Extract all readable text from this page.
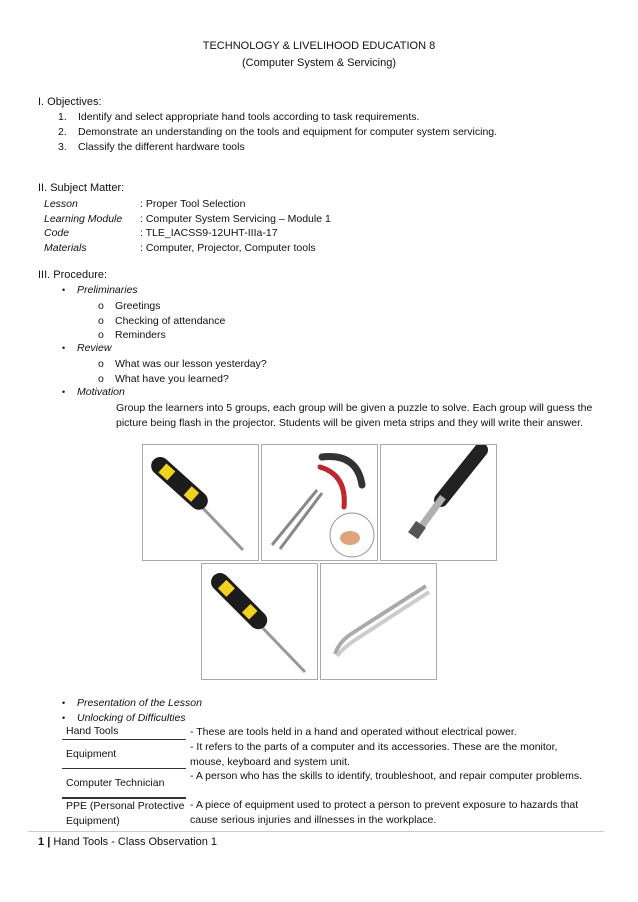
TECHNOLOGY & LIVELIHOOD EDUCATION 8
(Computer System & Servicing)
I. Objectives:
1. Identify and select appropriate hand tools according to task requirements.
2. Demonstrate an understanding on the tools and equipment for computer system servicing.
3. Classify the different hardware tools
II. Subject Matter:
Lesson	: Proper Tool Selection
Learning Module	: Computer System Servicing – Module 1
Code	: TLE_IACSS9-12UHT-IIIa-17
Materials	: Computer, Projector, Computer tools
III. Procedure:
• Preliminaries
o Greetings
o Checking of attendance
o Reminders
• Review
o What was our lesson yesterday?
o What have you learned?
• Motivation
Group the learners into 5 groups, each group will be given a puzzle to solve. Each group will guess the picture being flash in the projector. Students will be given meta strips and they will write their answer.
• Presentation of the Lesson
• Unlocking of Difficulties
Hand Tools	- These are tools held in a hand and operated without electrical power.
Equipment
- It refers to the parts of a computer and its accessories. These are the monitor, mouse, keyboard and system unit.
Computer Technician
- A person who has the skills to identify, troubleshoot, and repair computer problems.
PPE (Personal Protective Equipment)
- A piece of equipment used to protect a person to prevent exposure to hazards that cause serious injuries and illnesses in the workplace.
1 | Hand Tools - Class Observation 1
